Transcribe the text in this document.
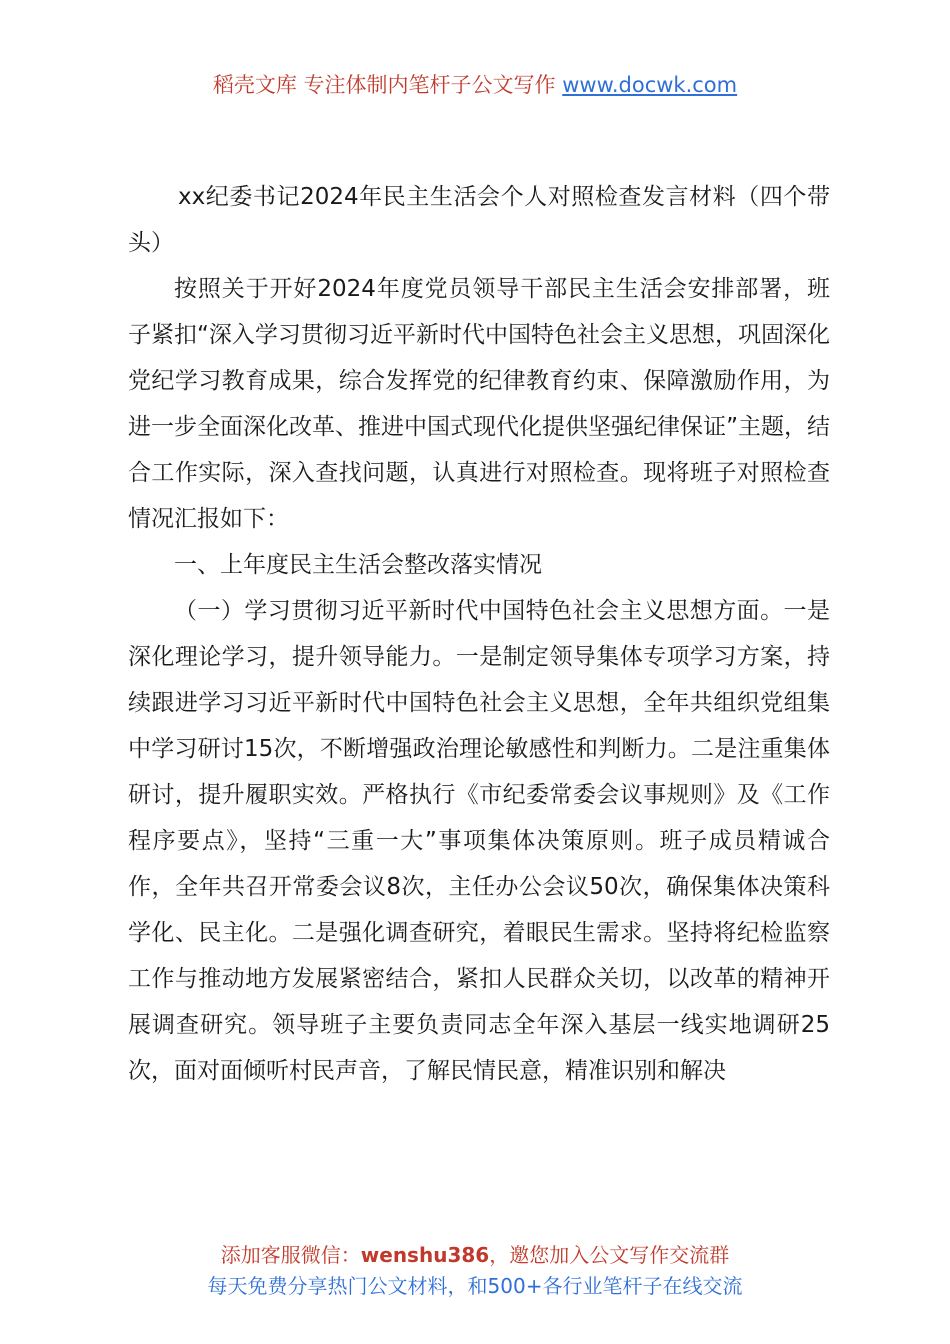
稻壳文库 专注体制内笔杆子公文写作 www.docwk.com

xx纪委书记2024年民主生活会个人对照检查发言材料（四个带头）

按照关于开好2024年度党员领导干部民主生活会安排部署，班子紧扣“深入学习贯彻习近平新时代中国特色社会主义思想，巩固深化党纪学习教育成果，综合发挥党的纪律教育约束、保障激励作用，为进一步全面深化改革、推进中国式现代化提供坚强纪律保证”主题，结合工作实际，深入查找问题，认真进行对照检查。现将班子对照检查情况汇报如下：

一、上年度民主生活会整改落实情况

（一）学习贯彻习近平新时代中国特色社会主义思想方面。一是深化理论学习，提升领导能力。一是制定领导集体专项学习方案，持续跟进学习习近平新时代中国特色社会主义思想，全年共组织党组集中学习研讨15次，不断增强政治理论敏感性和判断力。二是注重集体研讨，提升履职实效。严格执行《市纪委常委会议事规则》及《工作程序要点》，坚持“三重一大”事项集体决策原则。班子成员精诚合作，全年共召开常委会议8次，主任办公会议50次，确保集体决策科学化、民主化。二是强化调查研究，着眼民生需求。坚持将纪检监察工作与推动地方发展紧密结合，紧扣人民群众关切，以改革的精神开展调查研究。领导班子主要负责同志全年深入基层一线实地调研25次，面对面倾听村民声音，了解民情民意，精准识别和解决

添加客服微信：wenshu386，邀您加入公文写作交流群
每天免费分享热门公文材料，和500+各行业笔杆子在线交流
